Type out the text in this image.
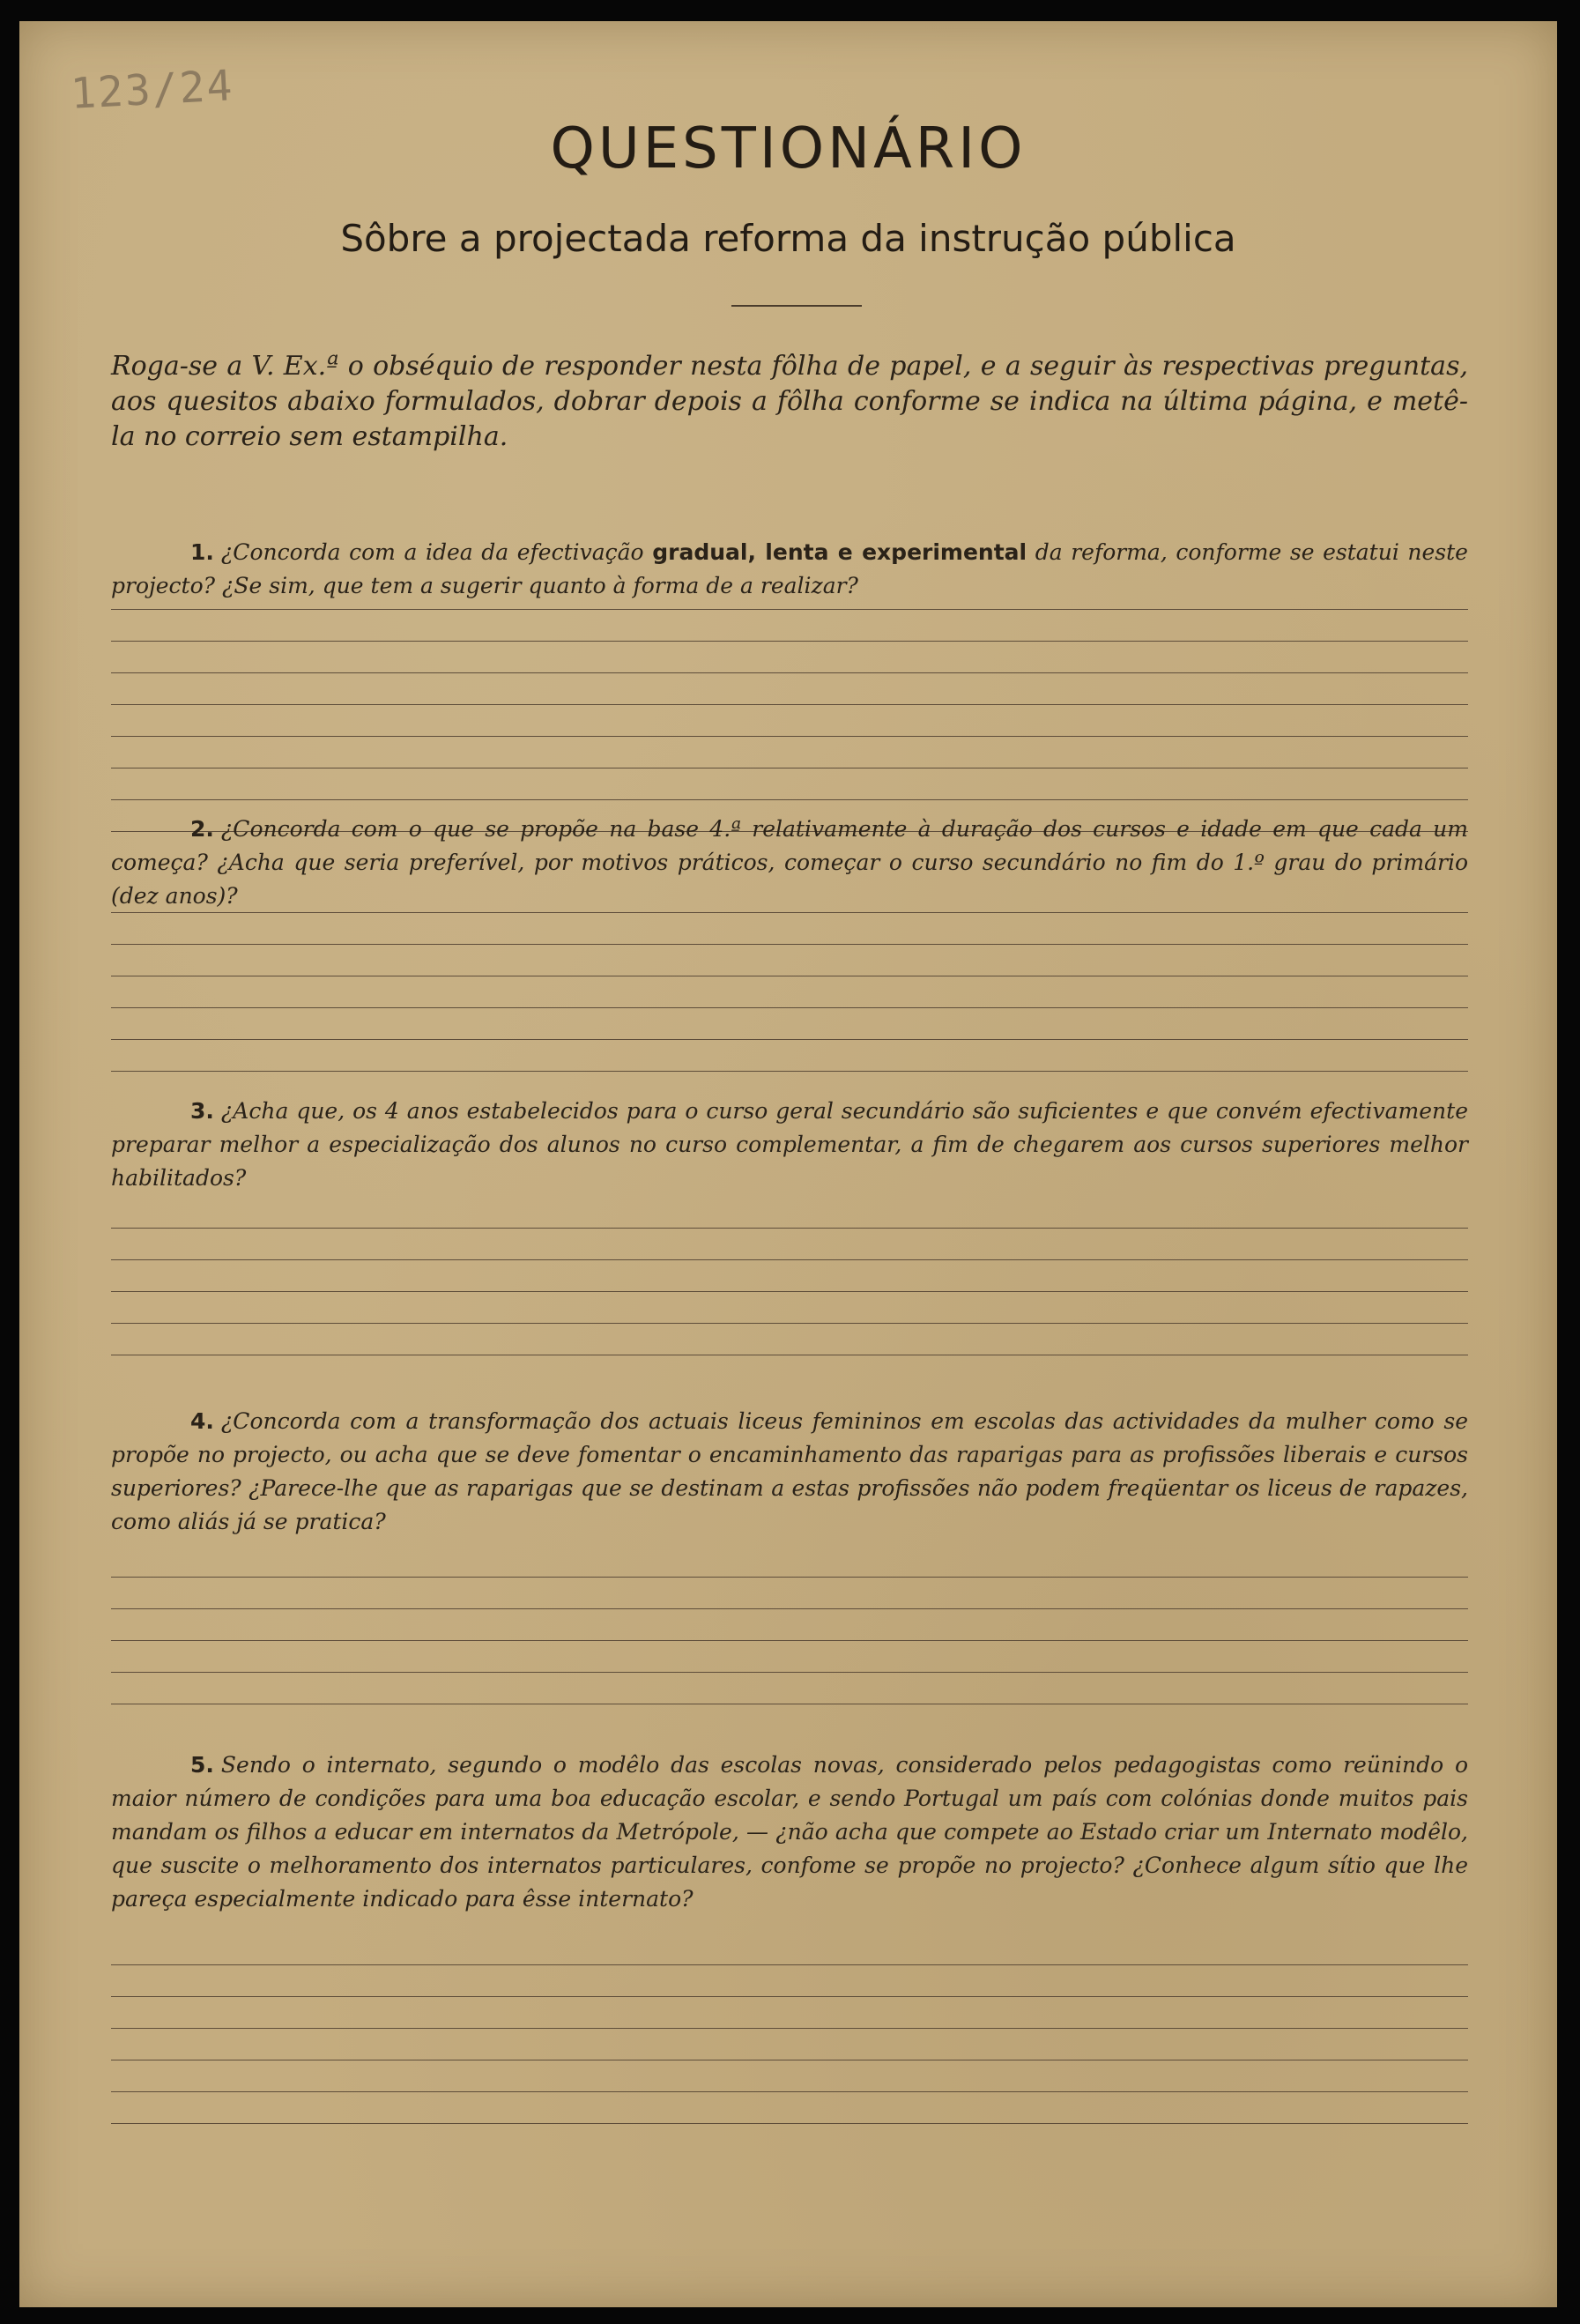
123/24
QUESTIONÁRIO
Sôbre a projectada reforma da instrução pública

Roga-se a V. Ex.ª o obséquio de responder nesta fôlha de papel, e a seguir às respectivas preguntas, aos quesitos abaixo formulados, dobrar depois a fôlha conforme se indica na última página, e metê-la no correio sem estampilha.

1. ¿Concorda com a idea da efectivação gradual, lenta e experimental da reforma, conforme se estatui neste projecto? ¿Se sim, que tem a sugerir quanto à forma de a realizar?

2. ¿Concorda com o que se propõe na base 4.ª relativamente à duração dos cursos e idade em que cada um começa? ¿Acha que seria preferível, por motivos práticos, começar o curso secundário no fim do 1.º grau do primário (dez anos)?

3. ¿Acha que, os 4 anos estabelecidos para o curso geral secundário são suficientes e que convém efectivamente preparar melhor a especialização dos alunos no curso complementar, a fim de chegarem aos cursos superiores melhor habilitados?

4. ¿Concorda com a transformação dos actuais liceus femininos em escolas das actividades da mulher como se propõe no projecto, ou acha que se deve fomentar o encaminhamento das raparigas para as profissões liberais e cursos superiores? ¿Parece-lhe que as raparigas que se destinam a estas profissões não podem freqüentar os liceus de rapazes, como aliás já se pratica?

5. Sendo o internato, segundo o modêlo das escolas novas, considerado pelos pedagogistas como reünindo o maior número de condições para uma boa educação escolar, e sendo Portugal um país com colónias donde muitos pais mandam os filhos a educar em internatos da Metrópole, — ¿não acha que compete ao Estado criar um Internato modêlo, que suscite o melhoramento dos internatos particulares, confome se propõe no projecto? ¿Conhece algum sítio que lhe pareça especialmente indicado para êsse internato?
